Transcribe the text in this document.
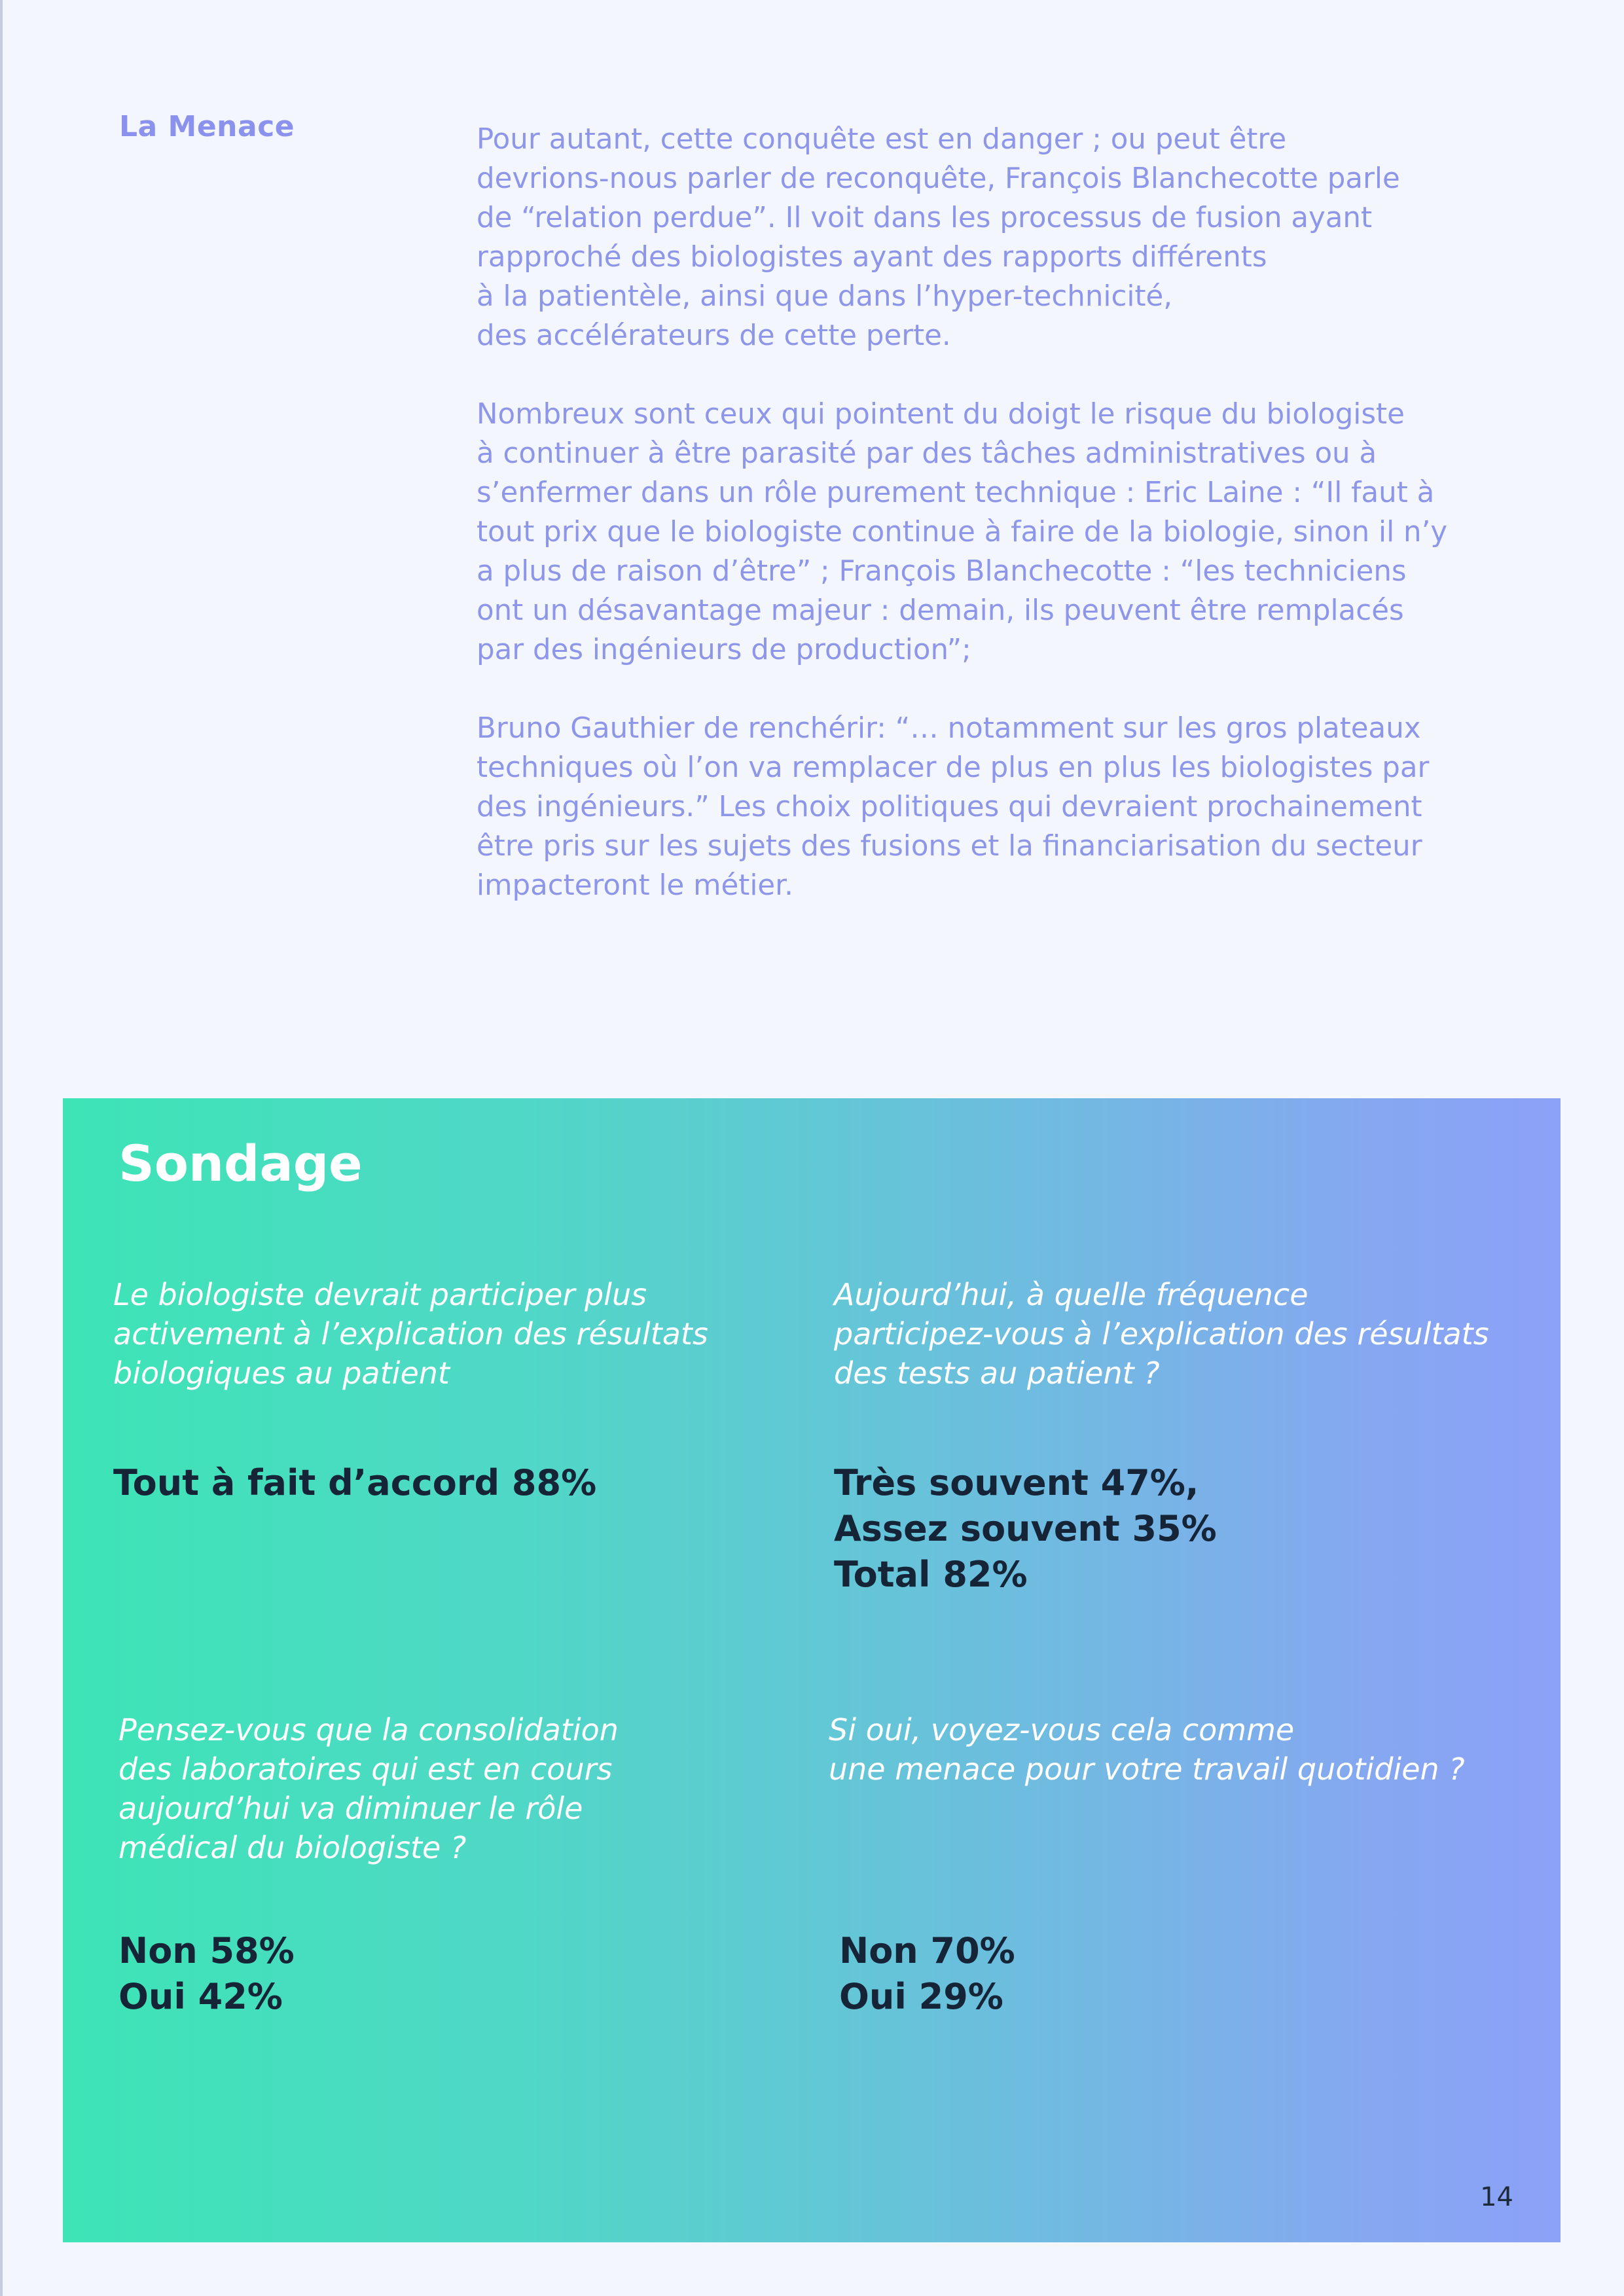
La Menace	Pour autant, cette conquête est en danger ; ou peut être
devrions-nous parler de reconquête, François Blanchecotte parle
de “relation perdue”. Il voit dans les processus de fusion ayant
rapproché des biologistes ayant des rapports différents
à la patientèle, ainsi que dans l’hyper-technicité,
des accélérateurs de cette perte.

Nombreux sont ceux qui pointent du doigt le risque du biologiste
à continuer à être parasité par des tâches administratives ou à
s’enfermer dans un rôle purement technique : Eric Laine : “Il faut à
tout prix que le biologiste continue à faire de la biologie, sinon il n’y
a plus de raison d’être” ; François Blanchecotte : “les techniciens
ont un désavantage majeur : demain, ils peuvent être remplacés
par des ingénieurs de production”;

Bruno Gauthier de renchérir: “… notamment sur les gros plateaux
techniques où l’on va remplacer de plus en plus les biologistes par
des ingénieurs.” Les choix politiques qui devraient prochainement
être pris sur les sujets des fusions et la financiarisation du secteur
impacteront le métier.

Sondage
Le biologiste devrait participer plus
activement à l’explication des résultats
biologiques au patient
Tout à fait d’accord 88%
Aujourd’hui, à quelle fréquence
participez-vous à l’explication des résultats
des tests au patient ?
Très souvent 47%,
Assez souvent 35%
Total 82%
Pensez-vous que la consolidation
des laboratoires qui est en cours
aujourd’hui va diminuer le rôle
médical du biologiste ?
Non 58%
Oui 42%
Si oui, voyez-vous cela comme
une menace pour votre travail quotidien ?
Non 70%
Oui 29%
14
